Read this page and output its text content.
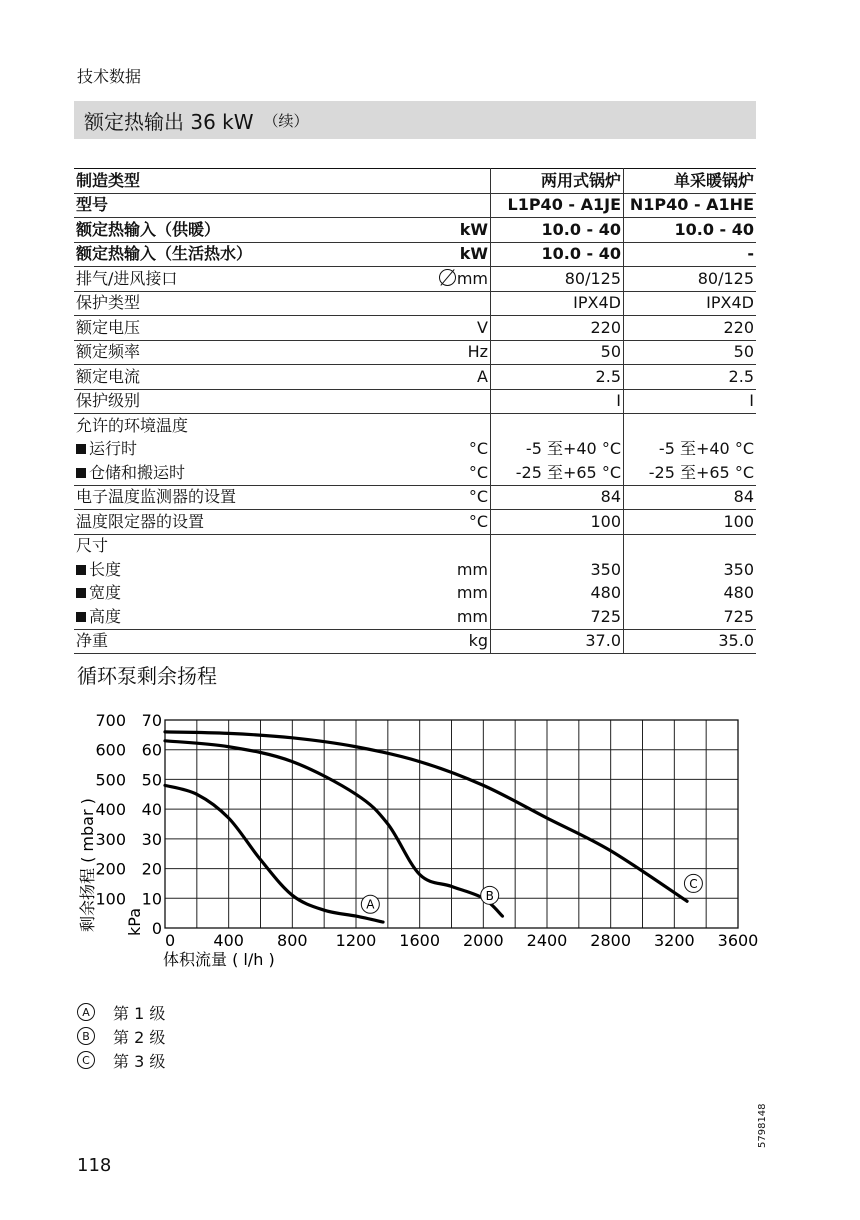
技术数据
额定热输出 36 kW （续）
制造类型		两用式锅炉	单采暖锅炉
型号		L1P40 - A1JE	N1P40 - A1HE
额定热输入（供暖）	kW	10.0 - 40	10.0 - 40
额定热输入（生活热水）	kW	10.0 - 40	-
排气/进风接口	mm	80/125	80/125
保护类型		IPX4D	IPX4D
额定电压	V	220	220
额定频率	Hz	50	50
额定电流	A	2.5	2.5
保护级别		I	I
允许的环境温度			
运行时	°C	-5 至+40 °C	-5 至+40 °C
仓储和搬运时	°C	-25 至+65 °C	-25 至+65 °C
电子温度监测器的设置	°C	84	84
温度限定器的设置	°C	100	100
尺寸			
长度	mm	350	350
宽度	mm	480	480
高度	mm	725	725
净重	kg	37.0	35.0
循环泵剩余扬程
0 400 800 1200 1600 2000 2400 2800 3200 3600
0
10
100
20
200
30
300
40
400
50
500
60
600
70
700
剩余扬程 ( mbar ) kPa
A
B
C
体积流量 ( l/h )
A	第 1 级
B	第 2 级
C	第 3 级
5798148
118
